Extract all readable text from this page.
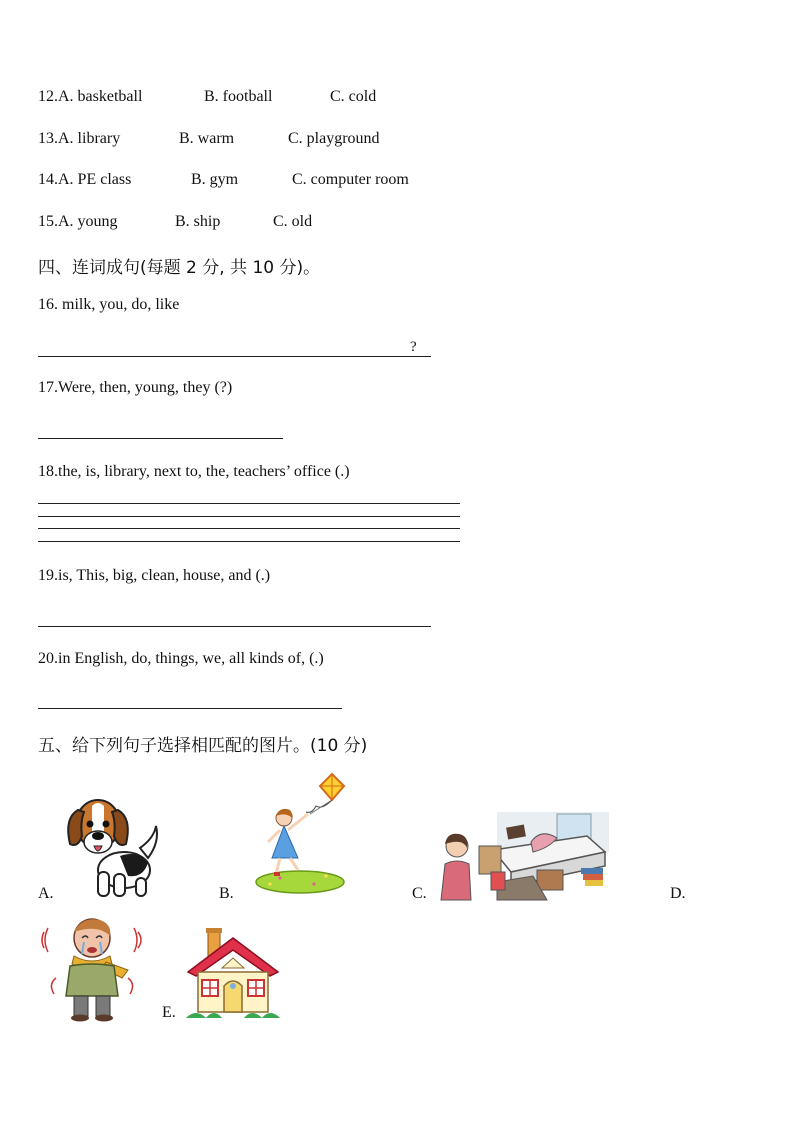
12.A. basketball	B. football	C. cold
13.A. library	B. warm	C. playground
14.A. PE class	B. gym	C. computer room
15.A. young	B. ship	C. old
四、连词成句(每题 2 分, 共 10 分)。
16. milk, you, do, like
?
17.Were, then, young, they (?)
18.the, is, library, next to, the, teachers’ office (.)
19.is, This, big, clean, house, and (.)
20.in English, do, things, we, all kinds of, (.)
五、给下列句子选择相匹配的图片。(10 分)
A.	B.	C.	D.
E.
